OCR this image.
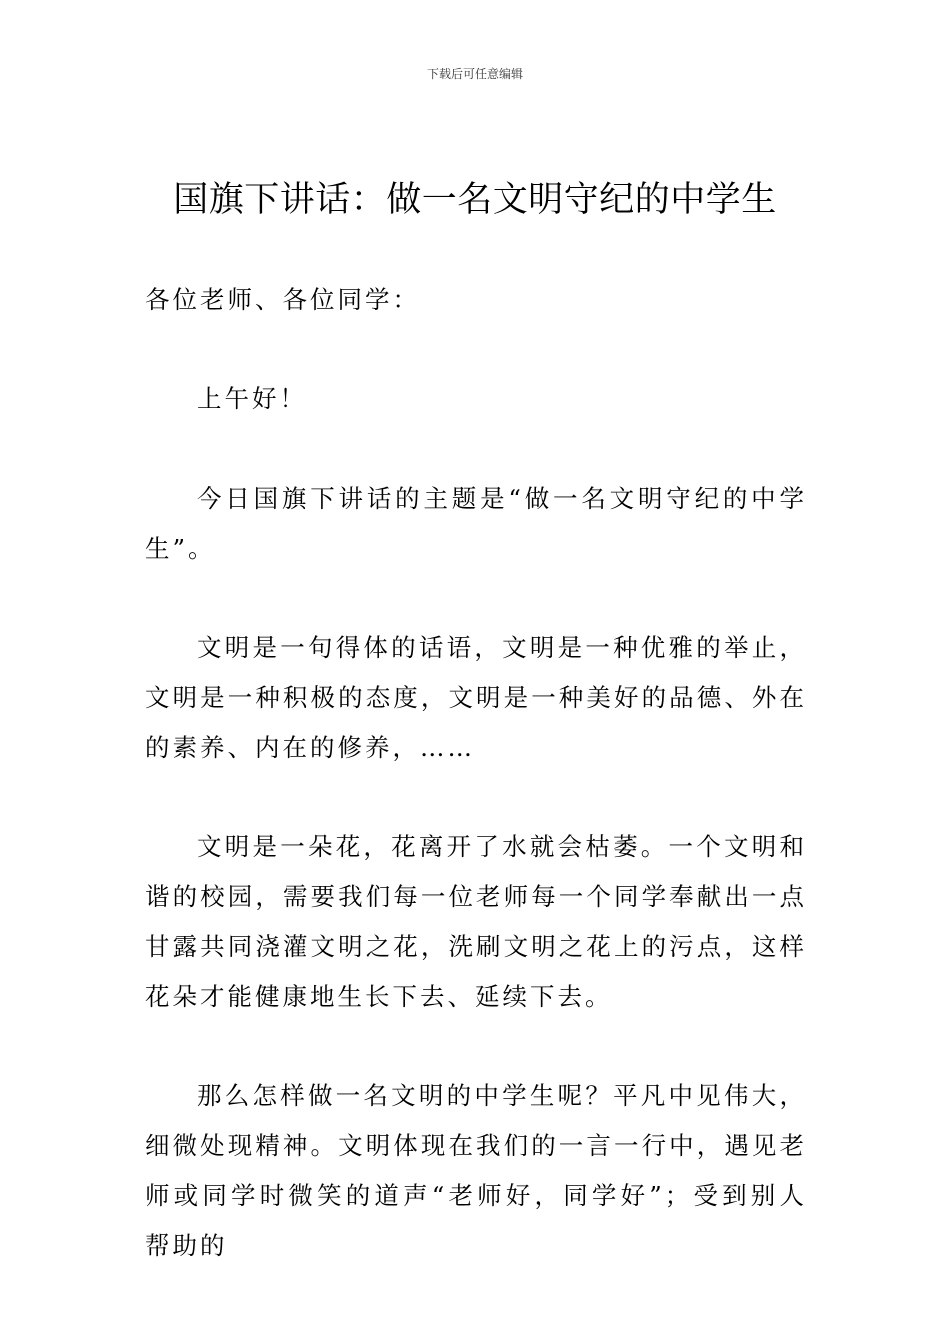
下载后可任意编辑
国旗下讲话：做一名文明守纪的中学生

各位老师、各位同学：

上午好！

今日国旗下讲话的主题是“做一名文明守纪的中学生”。

文明是一句得体的话语，文明是一种优雅的举止，文明是一种积极的态度，文明是一种美好的品德、外在的素养、内在的修养，……

文明是一朵花，花离开了水就会枯萎。一个文明和谐的校园，需要我们每一位老师每一个同学奉献出一点甘露共同浇灌文明之花，洗刷文明之花上的污点，这样花朵才能健康地生长下去、延续下去。

那么怎样做一名文明的中学生呢？平凡中见伟大，细微处现精神。文明体现在我们的一言一行中，遇见老师或同学时微笑的道声“老师好，同学好”；受到别人帮助的
